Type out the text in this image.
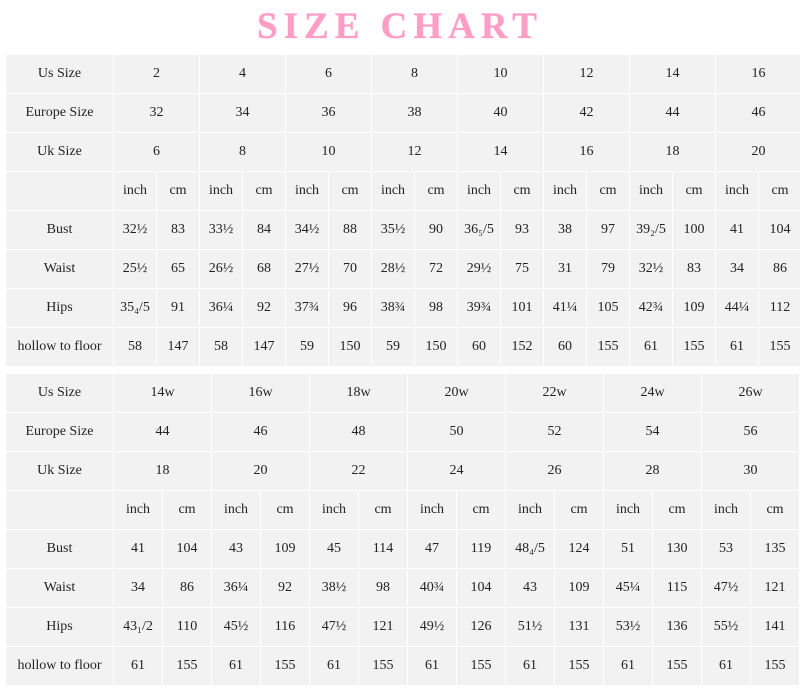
SIZE CHART
Us Size	2		4		6		8		10		12		14		16	
Europe Size	32		34		36		38		40		42		44		46	
Uk Size	6		8		10		12		14		16		18		20	
	inch	cm	inch	cm	inch	cm	inch	cm	inch	cm	inch	cm	inch	cm	inch	cm
Bust	32½	83	33½	84	34½	88	35½	90	36₅/5	93	38	97	39₂/5	100	41	104
Waist	25½	65	26½	68	27½	70	28½	72	29½	75	31	79	32½	83	34	86
Hips	35₄/5	91	36¼	92	37¾	96	38¾	98	39¾	101	41¼	105	42¾	109	44¼	112
hollow to floor	58	147	58	147	59	150	59	150	60	152	60	155	61	155	61	155
Us Size	14w		16w		18w		20w		22w		24w		26w	
Europe Size	44		46		48		50		52		54		56	
Uk Size	18		20		22		24		26		28		30	
	inch	cm	inch	cm	inch	cm	inch	cm	inch	cm	inch	cm	inch	cm
Bust	41	104	43	109	45	114	47	119	48₄/5	124	51	130	53	135
Waist	34	86	36¼	92	38½	98	40¾	104	43	109	45¼	115	47½	121
Hips	43₁/2	110	45½	116	47½	121	49½	126	51½	131	53½	136	55½	141
hollow to floor	61	155	61	155	61	155	61	155	61	155	61	155	61	155
